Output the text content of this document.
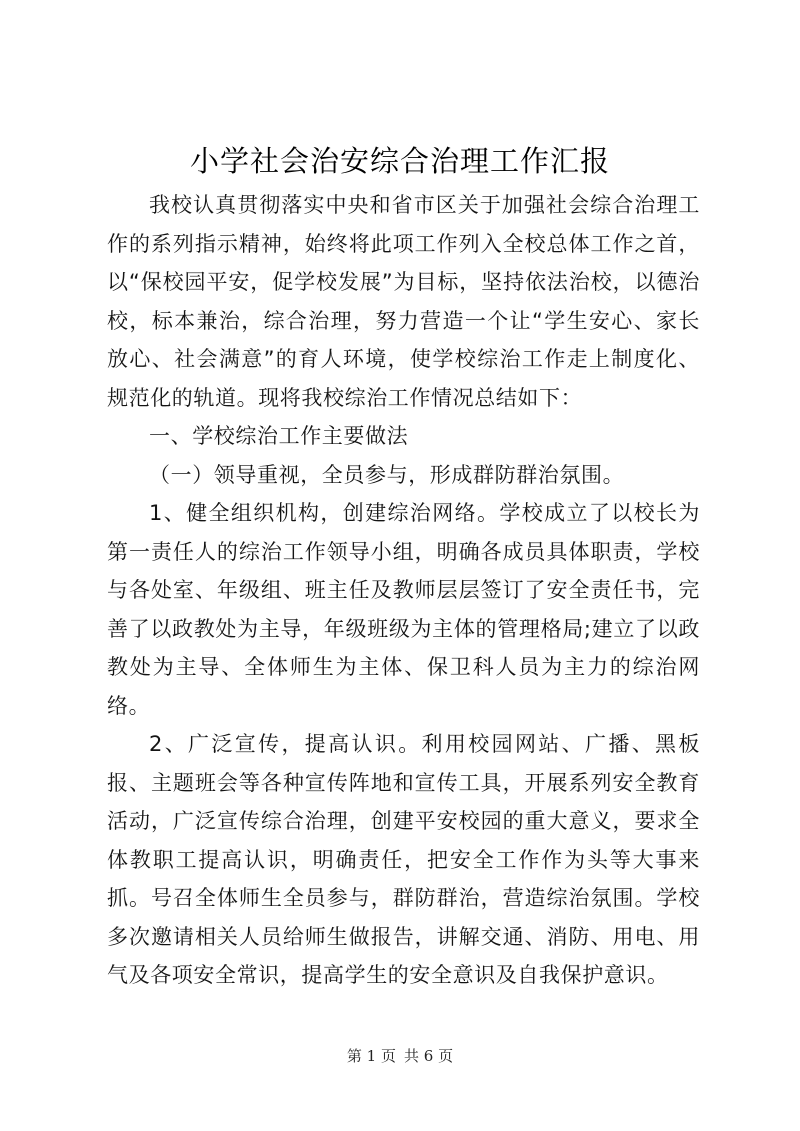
小学社会治安综合治理工作汇报

我校认真贯彻落实中央和省市区关于加强社会综合治理工作的系列指示精神，始终将此项工作列入全校总体工作之首，以“保校园平安，促学校发展”为目标，坚持依法治校，以德治校，标本兼治，综合治理，努力营造一个让“学生安心、家长放心、社会满意”的育人环境，使学校综治工作走上制度化、规范化的轨道。现将我校综治工作情况总结如下：

一、学校综治工作主要做法

（一）领导重视，全员参与，形成群防群治氛围。

1、健全组织机构，创建综治网络。学校成立了以校长为第一责任人的综治工作领导小组，明确各成员具体职责，学校与各处室、年级组、班主任及教师层层签订了安全责任书，完善了以政教处为主导，年级班级为主体的管理格局;建立了以政教处为主导、全体师生为主体、保卫科人员为主力的综治网络。

2、广泛宣传，提高认识。利用校园网站、广播、黑板报、主题班会等各种宣传阵地和宣传工具，开展系列安全教育活动，广泛宣传综合治理，创建平安校园的重大意义，要求全体教职工提高认识，明确责任，把安全工作作为头等大事来抓。号召全体师生全员参与，群防群治，营造综治氛围。学校多次邀请相关人员给师生做报告，讲解交通、消防、用电、用气及各项安全常识，提高学生的安全意识及自我保护意识。

第 1 页 共 6 页
